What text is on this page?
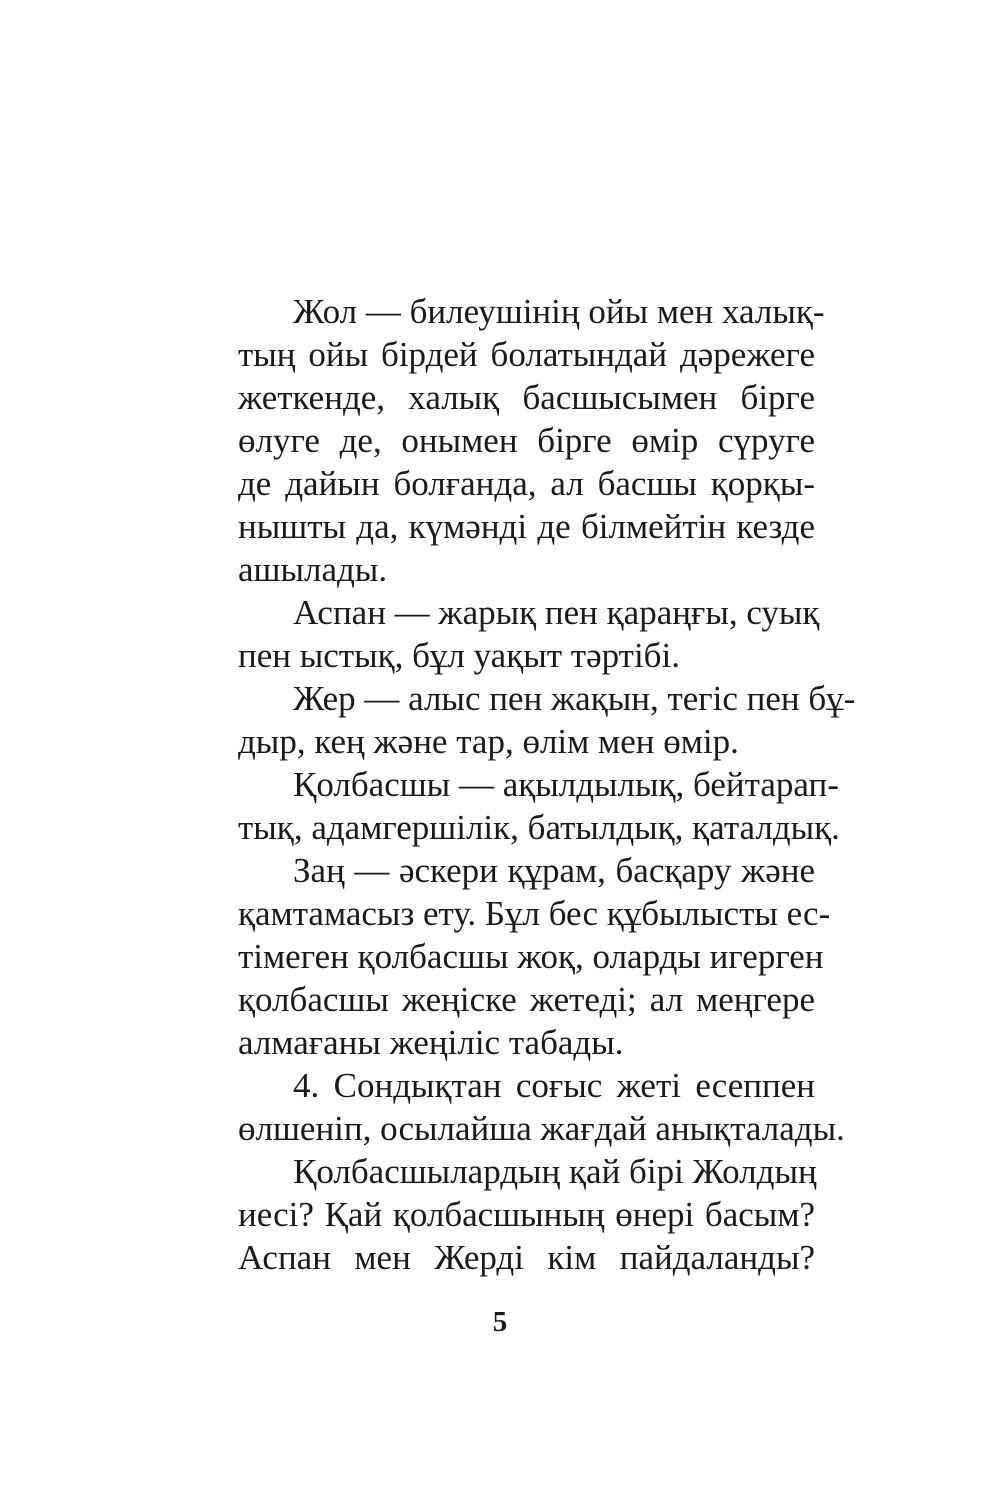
Жол — билеушінің ойы мен халық-
тың ойы бірдей болатындай дәрежеге
жеткенде, халық басшысымен бірге
өлуге де, онымен бірге өмір сүруге
де дайын болғанда, ал басшы қорқы-
нышты да, күмәнді де білмейтін кезде
ашылады.

Аспан — жарық пен қараңғы, суық
пен ыстық, бұл уақыт тәртібі.

Жер — алыс пен жақын, тегіс пен бұ-
дыр, кең және тар, өлім мен өмір.

Қолбасшы — ақылдылық, бейтарап-
тық, адамгершілік, батылдық, қаталдық.

Заң — әскери құрам, басқару және
қамтамасыз ету. Бұл бес құбылысты ес-
тімеген қолбасшы жоқ, оларды игерген
қолбасшы жеңіске жетеді; ал меңгере
алмағаны жеңіліс табады.

4. Сондықтан соғыс жеті есеппен
өлшеніп, осылайша жағдай анықталады.

Қолбасшылардың қай бірі Жолдың
иесі? Қай қолбасшының өнері басым?
Аспан мен Жерді кім пайдаланды?

5
